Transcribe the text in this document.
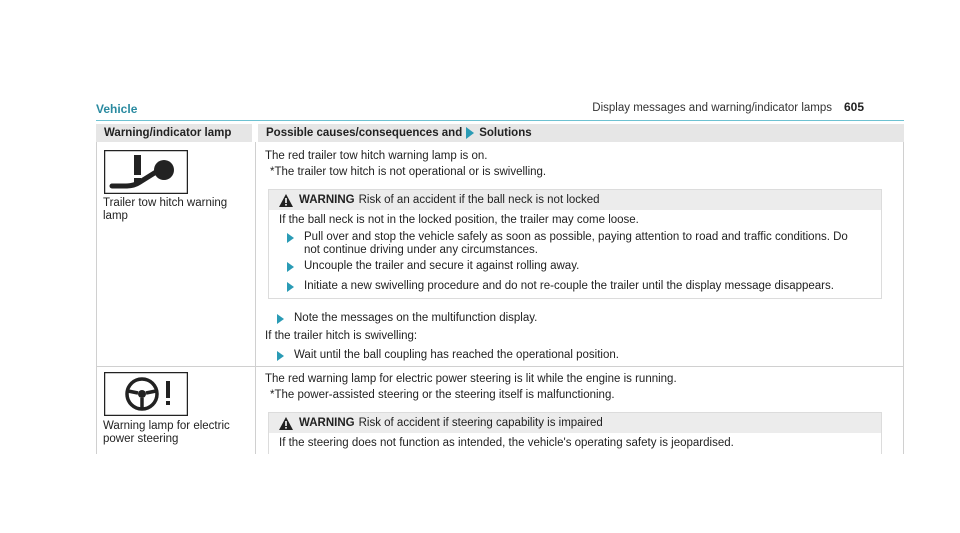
Display messages and warning/indicator lamps 605
Vehicle
Warning/indicator lamp	Possible causes/consequences and Solutions
Trailer tow hitch warning lamp
The red trailer tow hitch warning lamp is on.
*The trailer tow hitch is not operational or is swivelling.
WARNING Risk of an accident if the ball neck is not locked
If the ball neck is not in the locked position, the trailer may come loose.
Pull over and stop the vehicle safely as soon as possible, paying attention to road and traffic conditions. Do not continue driving under any circumstances.
Uncouple the trailer and secure it against rolling away.
Initiate a new swivelling procedure and do not re-couple the trailer until the display message disappears.
Note the messages on the multifunction display.
If the trailer hitch is swivelling:
Wait until the ball coupling has reached the operational position.
Warning lamp for electric power steering
The red warning lamp for electric power steering is lit while the engine is running.
*The power-assisted steering or the steering itself is malfunctioning.
WARNING Risk of accident if steering capability is impaired
If the steering does not function as intended, the vehicle's operating safety is jeopardised.
